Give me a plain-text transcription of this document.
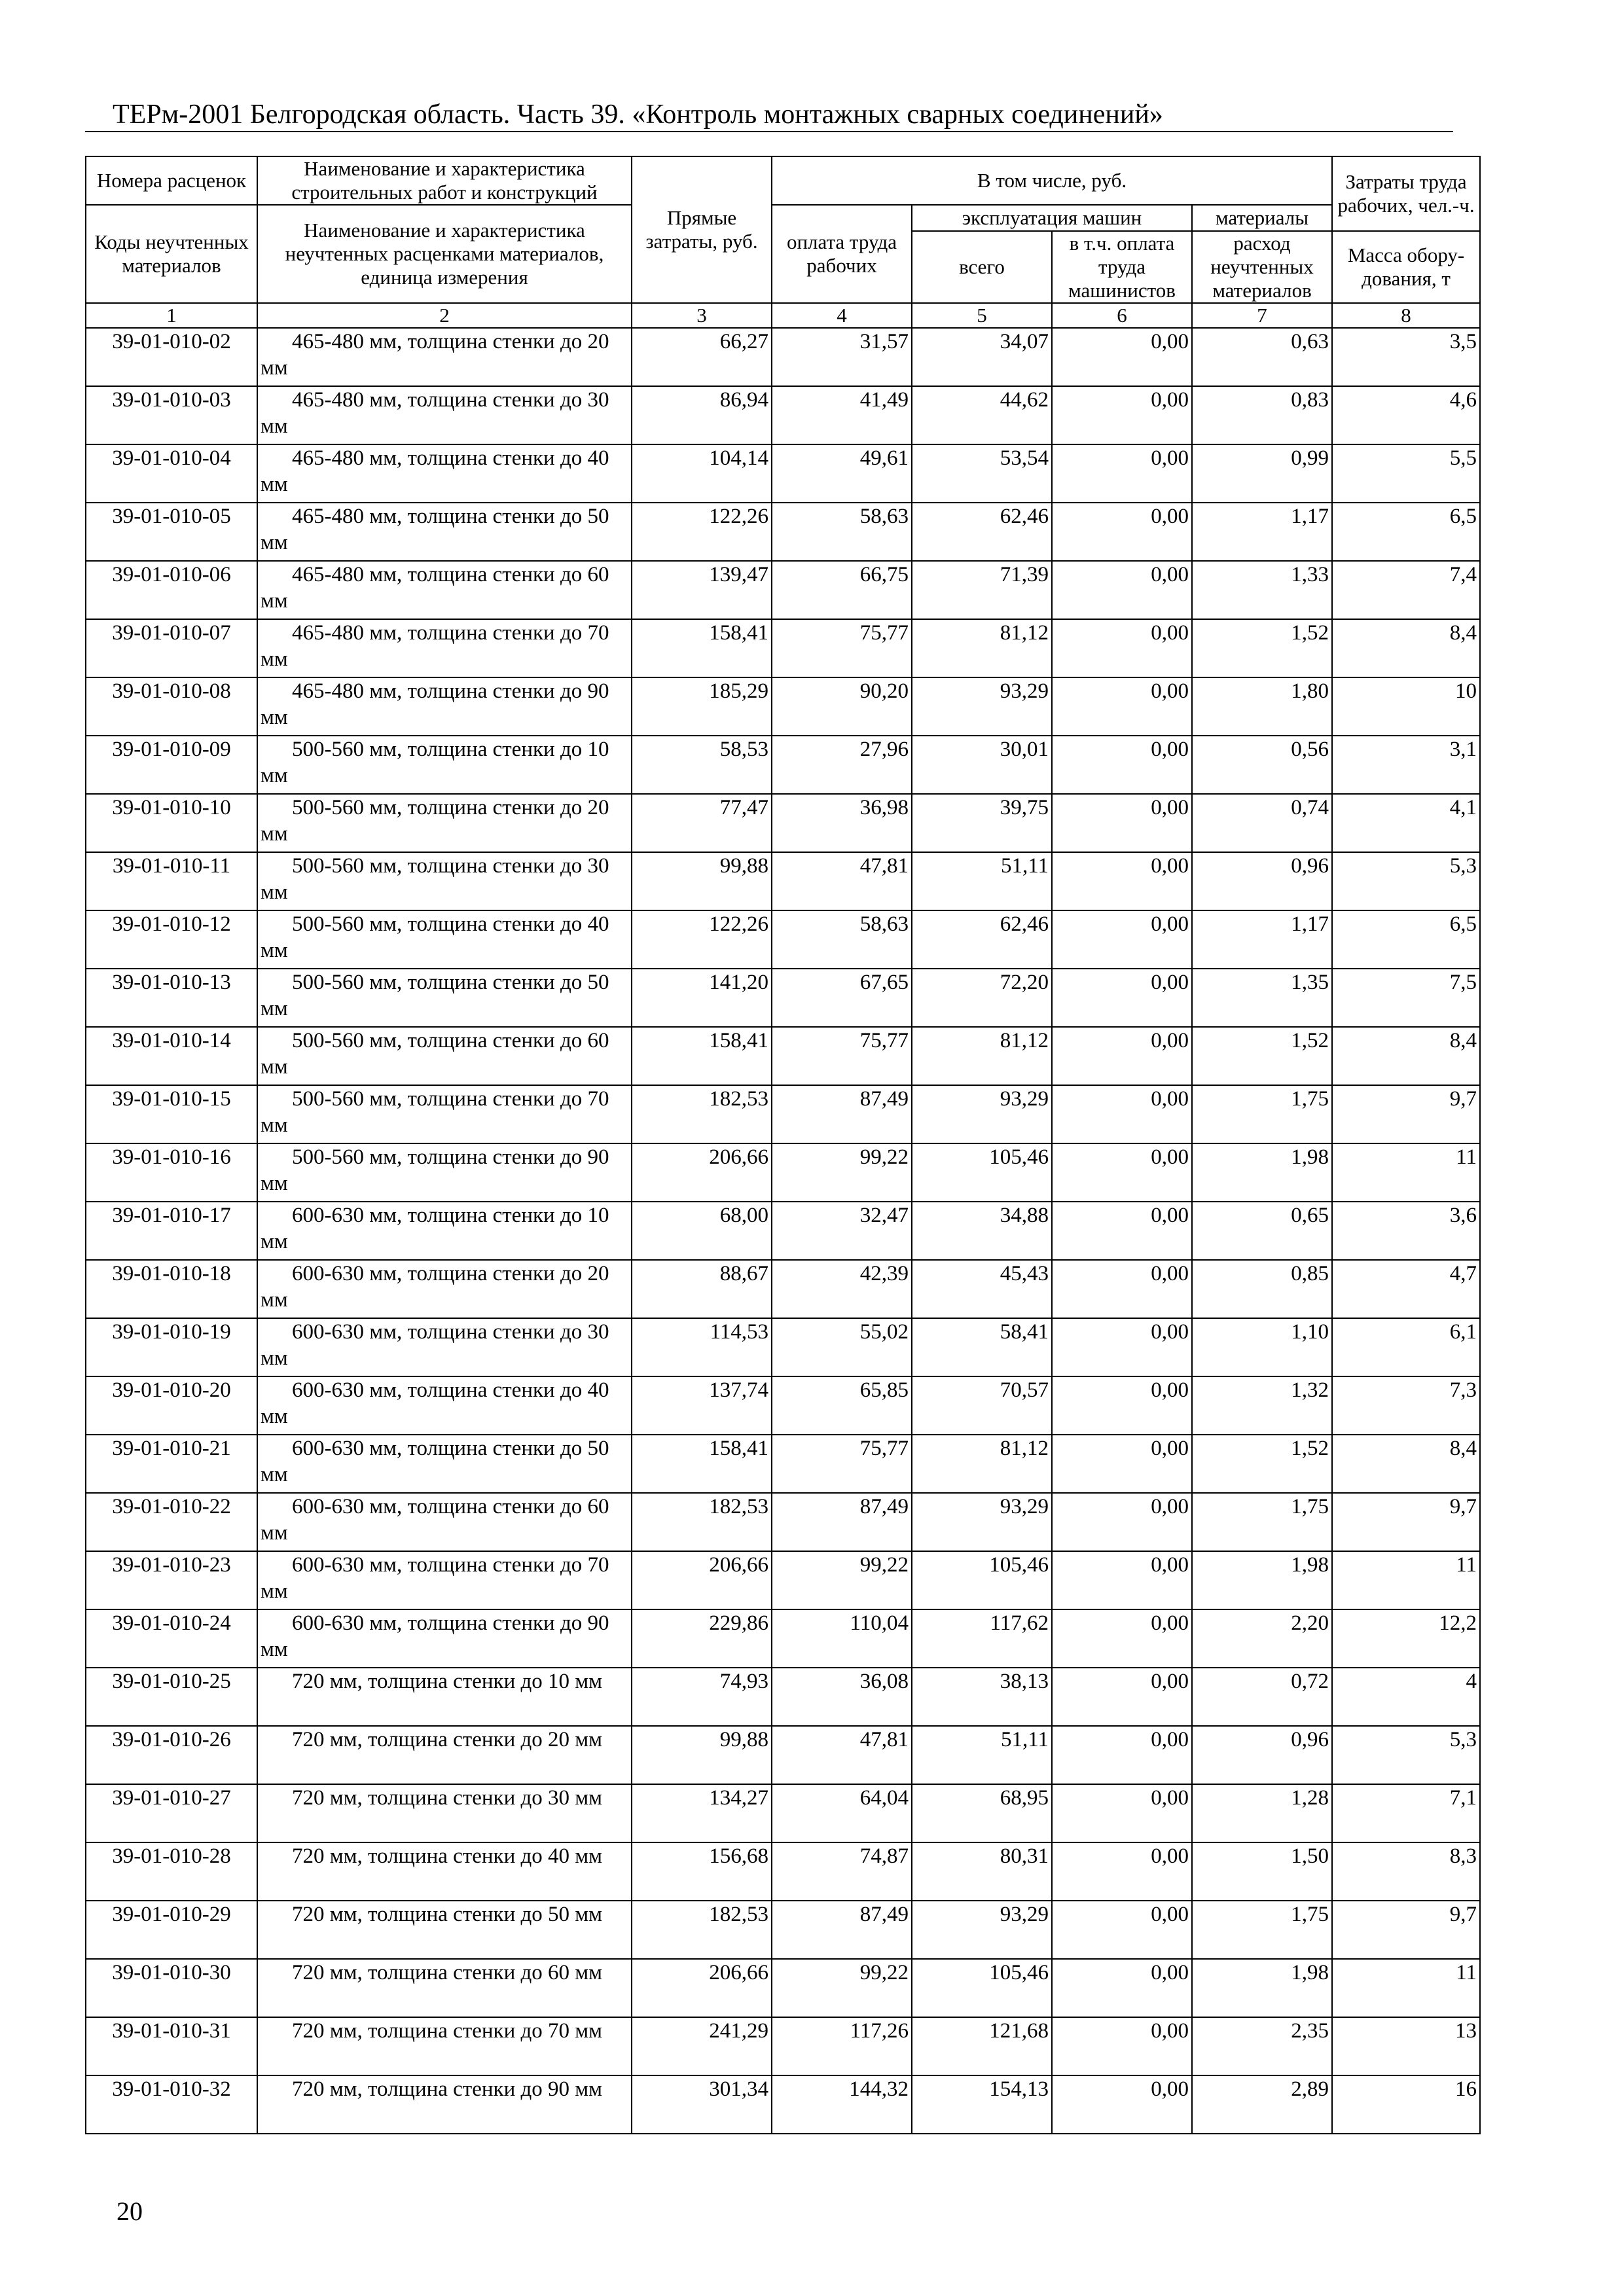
ТЕРм-2001 Белгородская область. Часть 39. «Контроль монтажных сварных соединений»
Номера расценок	Наименование и характеристика строительных работ и конструкций	Прямые затраты, руб.	В том числе, руб.				Затраты труда рабочих, чел.-ч.
Коды неучтенных материалов	Наименование и характеристика неучтенных расценками материалов, единица измерения		оплата труда рабочих	эксплуатация машин		материалы	
				всего	в т.ч. оплата труда машинистов	расход неучтенных материалов	Масса обору-дования, т
1	2	3	4	5	6	7	8
39-01-010-02	465-480 мм, толщина стенки до 20 мм	66,27	31,57	34,07	0,00	0,63	3,5
39-01-010-03	465-480 мм, толщина стенки до 30 мм	86,94	41,49	44,62	0,00	0,83	4,6
39-01-010-04	465-480 мм, толщина стенки до 40 мм	104,14	49,61	53,54	0,00	0,99	5,5
39-01-010-05	465-480 мм, толщина стенки до 50 мм	122,26	58,63	62,46	0,00	1,17	6,5
39-01-010-06	465-480 мм, толщина стенки до 60 мм	139,47	66,75	71,39	0,00	1,33	7,4
39-01-010-07	465-480 мм, толщина стенки до 70 мм	158,41	75,77	81,12	0,00	1,52	8,4
39-01-010-08	465-480 мм, толщина стенки до 90 мм	185,29	90,20	93,29	0,00	1,80	10
39-01-010-09	500-560 мм, толщина стенки до 10 мм	58,53	27,96	30,01	0,00	0,56	3,1
39-01-010-10	500-560 мм, толщина стенки до 20 мм	77,47	36,98	39,75	0,00	0,74	4,1
39-01-010-11	500-560 мм, толщина стенки до 30 мм	99,88	47,81	51,11	0,00	0,96	5,3
39-01-010-12	500-560 мм, толщина стенки до 40 мм	122,26	58,63	62,46	0,00	1,17	6,5
39-01-010-13	500-560 мм, толщина стенки до 50 мм	141,20	67,65	72,20	0,00	1,35	7,5
39-01-010-14	500-560 мм, толщина стенки до 60 мм	158,41	75,77	81,12	0,00	1,52	8,4
39-01-010-15	500-560 мм, толщина стенки до 70 мм	182,53	87,49	93,29	0,00	1,75	9,7
39-01-010-16	500-560 мм, толщина стенки до 90 мм	206,66	99,22	105,46	0,00	1,98	11
39-01-010-17	600-630 мм, толщина стенки до 10 мм	68,00	32,47	34,88	0,00	0,65	3,6
39-01-010-18	600-630 мм, толщина стенки до 20 мм	88,67	42,39	45,43	0,00	0,85	4,7
39-01-010-19	600-630 мм, толщина стенки до 30 мм	114,53	55,02	58,41	0,00	1,10	6,1
39-01-010-20	600-630 мм, толщина стенки до 40 мм	137,74	65,85	70,57	0,00	1,32	7,3
39-01-010-21	600-630 мм, толщина стенки до 50 мм	158,41	75,77	81,12	0,00	1,52	8,4
39-01-010-22	600-630 мм, толщина стенки до 60 мм	182,53	87,49	93,29	0,00	1,75	9,7
39-01-010-23	600-630 мм, толщина стенки до 70 мм	206,66	99,22	105,46	0,00	1,98	11
39-01-010-24	600-630 мм, толщина стенки до 90 мм	229,86	110,04	117,62	0,00	2,20	12,2
39-01-010-25	720 мм, толщина стенки до 10 мм	74,93	36,08	38,13	0,00	0,72	4
39-01-010-26	720 мм, толщина стенки до 20 мм	99,88	47,81	51,11	0,00	0,96	5,3
39-01-010-27	720 мм, толщина стенки до 30 мм	134,27	64,04	68,95	0,00	1,28	7,1
39-01-010-28	720 мм, толщина стенки до 40 мм	156,68	74,87	80,31	0,00	1,50	8,3
39-01-010-29	720 мм, толщина стенки до 50 мм	182,53	87,49	93,29	0,00	1,75	9,7
39-01-010-30	720 мм, толщина стенки до 60 мм	206,66	99,22	105,46	0,00	1,98	11
39-01-010-31	720 мм, толщина стенки до 70 мм	241,29	117,26	121,68	0,00	2,35	13
39-01-010-32	720 мм, толщина стенки до 90 мм	301,34	144,32	154,13	0,00	2,89	16
20
